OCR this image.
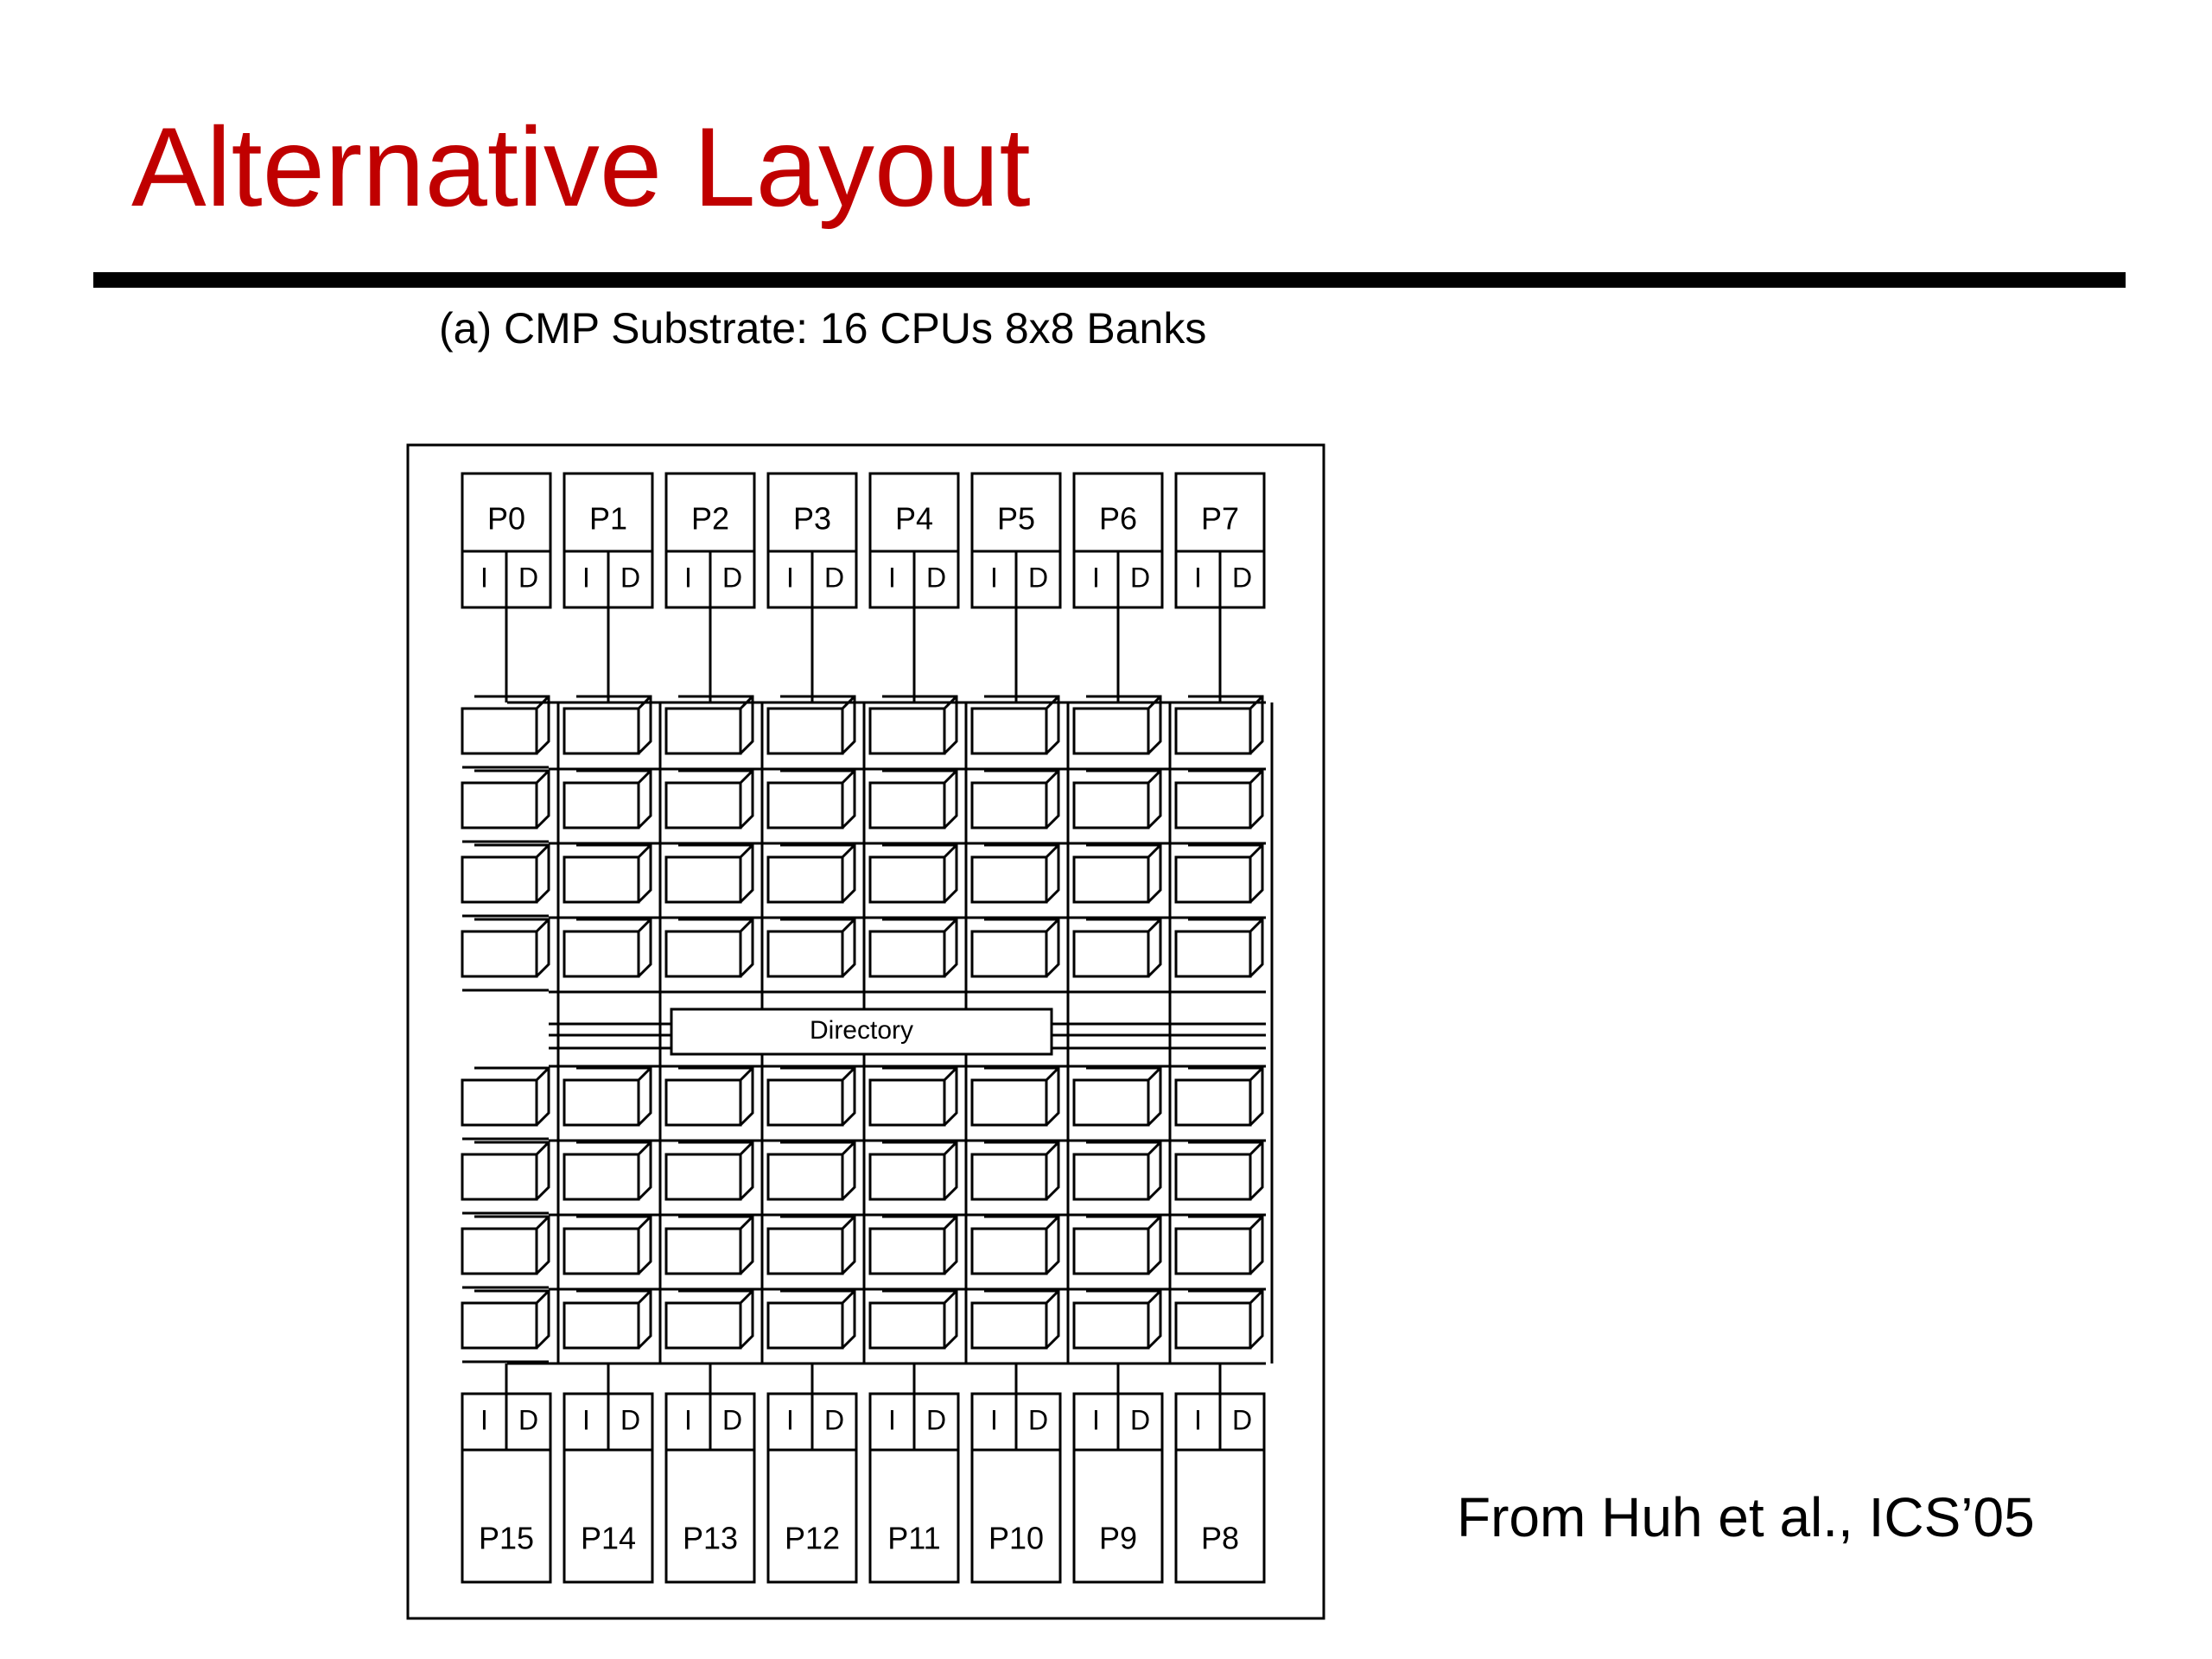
Alternative Layout
(a) CMP Substrate: 16 CPUs 8x8 Banks
Directory
P0
I D
P1
I D
P2
I D
P3
I D
P4
I D
P5
I D
P6
I D
P7
I D
I D
P15
I D
P14
I D
P13
I D
P12
I D
P11
I D
P10
I D
P9
I D
P8	From Huh et al., ICS’05
